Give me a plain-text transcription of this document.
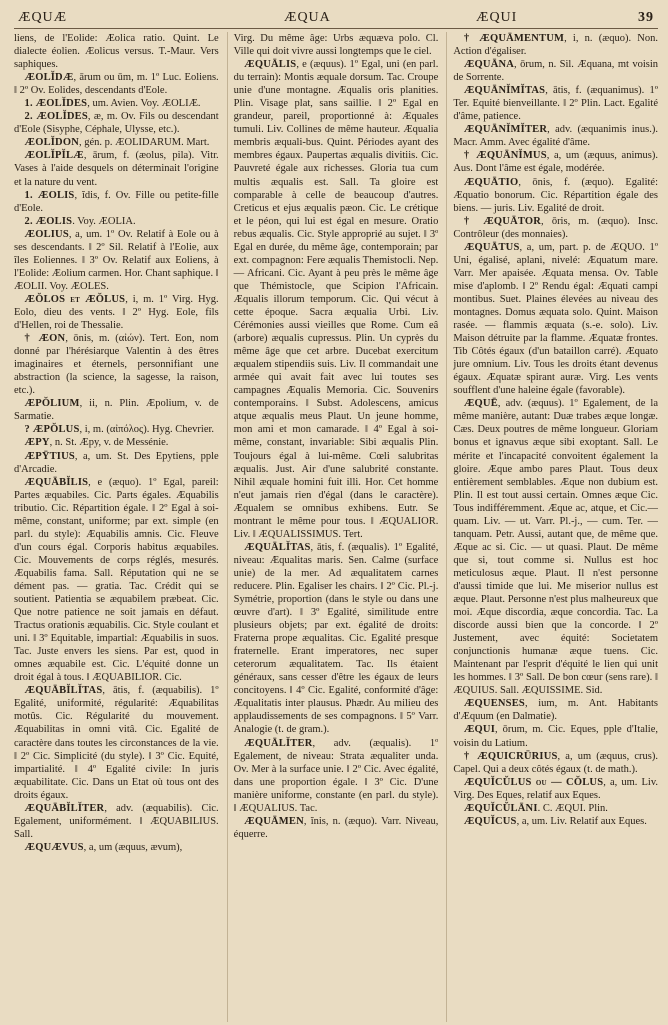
ÆQUÆ	ÆQUA	ÆQUI	39

liens, de l'Eolide: Æolica ratio. Quint. Le dialecte éolien. Æolicus versus. T.-Maur. Vers saphiques.

ÆOLĬDÆ, ārum ou ūm, m. 1º Luc. Eoliens. ‖ 2º Ov. Eolides, descendants d'Eole.

1. ÆOLĬDES, um. Avien. Voy. ÆOLIÆ.

2. ÆOLĬDES, æ, m. Ov. Fils ou descendant d'Eole (Sisyphe, Céphale, Ulysse, etc.).

ÆOLĬDON, gén. p. ÆOLIDARUM. Mart.

ÆOLĬPĬLÆ, ārum, f. (æolus, pila). Vitr. Vases à l'aide desquels on déterminait l'origine et la nature du vent.

1. ÆOLIS, ĭdis, f. Ov. Fille ou petite-fille d'Eole.

2. ÆOLIS. Voy. ÆOLIA.

ÆOLIUS, a, um. 1º Ov. Relatif à Eole ou à ses descendants. ‖ 2º Sil. Relatif à l'Eolie, aux îles Eoliennes. ‖ 3º Ov. Relatif aux Eoliens, à l'Eolide: Æolium carmen. Hor. Chant saphique. ‖ ÆOLII. Voy. ÆOLES.

ÆŎLOS et ÆŎLUS, i, m. 1º Virg. Hyg. Eolo, dieu des vents. ‖ 2º Hyg. Eole, fils d'Hellen, roi de Thessalie.

† ÆON, ōnis, m. (αἰών). Tert. Eon, nom donné par l'hérésiarque Valentin à des êtres imaginaires et éternels, personnifiant une abstraction (la science, la sagesse, la raison, etc.).

ÆPŎLIUM, ii, n. Plin. Æpolium, v. de Sarmatie.

? ÆPŎLUS, i, m. (αἰπόλος). Hyg. Chevrier.

ÆPY, n. St. Æpy, v. de Messénie.

ÆPȲTIUS, a, um. St. Des Epytiens, pple d'Arcadie.

ÆQUĀBĬLIS, e (æquo). 1º Egal, pareil: Partes æquabiles. Cic. Parts égales. Æquabilis tributio. Cic. Répartition égale. ‖ 2º Egal à soi-même, constant, uniforme; par ext. simple (en parl. du style): Æquabilis amnis. Cic. Fleuve d'un cours égal. Corporis habitus æquabiles. Cic. Mouvements de corps réglés, mesurés. Æquabilis fama. Sall. Réputation qui ne se dément pas. — gratia. Tac. Crédit qui se soutient. Patientia se æquabilem præbeat. Cic. Que notre patience ne soit jamais en défaut. Tractus orationis æquabilis. Cic. Style coulant et uni. ‖ 3º Equitable, impartial: Æquabilis in suos. Tac. Juste envers les siens. Par est, quod in omnes æquabile est. Cic. L'équité donne un droit égal à tous. ‖ ÆQUABILIOR. Cic.

ÆQUĀBĬLĬTAS, ātis, f. (æquabilis). 1º Egalité, uniformité, régularité: Æquabilitas motûs. Cic. Régularité du mouvement. Æquabilitas in omni vitâ. Cic. Egalité de caractère dans toutes les circonstances de la vie. ‖ 2º Cic. Simplicité (du style). ‖ 3º Cic. Equité, impartialité. ‖ 4º Egalité civile: In juris æquabilitate. Cic. Dans un Etat où tous ont des droits égaux.

ÆQUĀBĬLĬTER, adv. (æquabilis). Cic. Egalement, uniformément. ‖ ÆQUABILIUS. Sall.

ÆQUÆVUS, a, um (æquus, ævum),

Virg. Du même âge: Urbs æquæva polo. Cl. Ville qui doit vivre aussi longtemps que le ciel.

ÆQUĀLIS, e (æquus). 1º Egal, uni (en parl. du terrain): Montis æquale dorsum. Tac. Croupe unie d'une montagne. Æqualis oris planities. Plin. Visage plat, sans saillie. ‖ 2º Egal en grandeur, pareil, proportionné à: Æquales tumuli. Liv. Collines de même hauteur. Æqualia membris æquali-bus. Quint. Périodes ayant des membres égaux. Paupertas æqualis divitiis. Cic. Pauvreté égale aux richesses. Gloria tua cum multis æqualis est. Sall. Ta gloire est comparable à celle de beaucoup d'autres. Creticus et ejus æqualis pæon. Cic. Le crétique et le péon, qui lui est égal en mesure. Oratio rebus æqualis. Cic. Style approprié au sujet. ‖ 3º Egal en durée, du même âge, contemporain; par ext. compagnon: Fere æqualis Themistocli. Nep. — Africani. Cic. Ayant à peu près le même âge que Thémistocle, que Scipion l'Africain. Æqualis illorum temporum. Cic. Qui vécut à cette époque. Sacra æqualia Urbi. Liv. Cérémonies aussi vieilles que Rome. Cum eâ (arbore) æqualis cupressus. Plin. Un cyprès du même âge que cet arbre. Ducebat exercitum æqualem stipendiis suis. Liv. Il commandait une armée qui avait fait avec lui toutes ses campagnes Æqualis Memoria. Cic. Souvenirs contemporains. ‖ Subst. Adolescens, amicus atque æqualis meus Plaut. Un jeune homme, mon ami et mon camarade. ‖ 4º Egal à soi-même, constant, invariable: Sibi æqualis Plin. Toujours égal à lui-même. Cœli salubritas æqualis. Just. Air d'une salubrité constante. Nihil æquale homini fuit illi. Hor. Cet homme n'eut jamais rien d'égal (dans le caractère). Æqualem se omnibus exhibens. Eutr. Se montrant le même pour tous. ‖ ÆQUALIOR. Liv. ‖ ÆQUALISSIMUS. Tert.

ÆQUĀLĬTAS, ātis, f. (æqualis). 1º Egalité, niveau: Æqualitas maris. Sen. Calme (surface unie) de la mer. Ad æqualitatem carnes reducere. Plin. Egaliser les chairs. ‖ 2º Cic. Pl.-j. Symétrie, proportion (dans le style ou dans une œuvre d'art). ‖ 3º Egalité, similitude entre plusieurs objets; par ext. égalité de droits: Fraterna prope æqualitas. Cic. Egalité presque fraternelle. Erant imperatores, nec super ceterorum æqualitatem. Tac. Ils étaient généraux, sans cesser d'être les égaux de leurs concitoyens. ‖ 4º Cic. Egalité, conformité d'âge: Æqualitatis inter plausus. Phædr. Au milieu des applaudissements de ses compagnons. ‖ 5º Varr. Analogie (t. de gram.).

ÆQUĀLĬTER, adv. (æqualis). 1º Egalement, de niveau: Strata æqualiter unda. Ov. Mer à la surface unie. ‖ 2º Cic. Avec égalité, dans une proportion égale. ‖ 3º Cic. D'une manière uniforme, constante (en parl. du style). ‖ ÆQUALIUS. Tac.

ÆQUĀMEN, ĭnis, n. (æquo). Varr. Niveau, équerre.

† ÆQUĀMENTUM, i, n. (æquo). Non. Action d'égaliser.

ÆQUĀNA, ōrum, n. Sil. Æquana, mt voisin de Sorrente.

ÆQUĀNĬMĬTAS, ātis, f. (æquanimus). 1º Ter. Equité bienveillante. ‖ 2º Plin. Lact. Egalité d'âme, patience.

ÆQUĀNĬMĬTER, adv. (æquanimis inus.). Macr. Amm. Avec égalité d'âme.

† ÆQUĀNĬMUS, a, um (æquus, animus). Aus. Dont l'âme est égale, modérée.

ÆQUĀTIO, ōnis, f. (æquo). Egalité: Æquatio bonorum. Cic. Répartition égale des biens. — juris. Liv. Egalité de droit.

† ÆQUĀTOR, ōris, m. (æquo). Insc. Contrôleur (des monnaies).

ÆQUĀTUS, a, um, part. p. de ÆQUO. 1º Uni, égalisé, aplani, nivelé: Æquatum mare. Varr. Mer apaisée. Æquata mensa. Ov. Table mise d'aplomb. ‖ 2º Rendu égal: Æquati campi montibus. Suet. Plaines élevées au niveau des montagnes. Domus æquata solo. Quint. Maison rasée. — flammis æquata (s.-e. solo). Liv. Maison détruite par la flamme. Æquatæ frontes. Tib Côtés égaux (d'un bataillon carré). Æquato jure omnium. Liv. Tous les droits étant devenus égaux. Æquatæ spirant auræ. Virg. Les vents soufflent d'une haleine égale (favorable).

ÆQUĒ, adv. (æquus). 1º Egalement, de la même manière, autant: Duæ trabes æque longæ. Cæs. Deux poutres de même longueur. Gloriam bonus et ignavus æque sibi exoptant. Sall. Le mérite et l'incapacité convoitent également la gloire. Æque ambo pares Plaut. Tous deux entièrement semblables. Æque non dubium est. Plin. Il est tout aussi certain. Omnes æque Cic. Tous indifféremment. Æque ac, atque, et Cic.— quam. Liv. — ut. Varr. Pl.-j., — cum. Ter. — tanquam. Petr. Aussi, autant que, de même que. Æque ac si. Cic. — ut quasi. Plaut. De même que si, tout comme si. Nullus est hoc meticulosus æque. Plaut. Il n'est personne d'aussi timide que lui. Me miserior nullus est æque. Plaut. Personne n'est plus malheureux que moi. Æque discordia, æque concordia. Tac. La discorde aussi bien que la concorde. ‖ 2º Justement, avec équité: Societatem conjunctionis humanæ æque tuens. Cic. Maintenant par l'esprit d'équité le lien qui unit les hommes. ‖ 3º Sall. De bon cœur (sens rare). ‖ ÆQUIUS. Sall. ÆQUISSIME. Sid.

ÆQUENSES, ium, m. Ant. Habitants d'Æquum (en Dalmatie).

ÆQUI, ōrum, m. Cic. Eques, pple d'Italie, voisin du Latium.

† ÆQUICRŪRIUS, a, um (æquus, crus). Capel. Qui a deux côtés égaux (t. de math.).

ÆQUĬCŬLUS ou — CŎLUS, a, um. Liv. Virg. Des Eques, relatif aux Eques.

ÆQUĬCŬLĀNI. C. ÆQUI. Plin.

ÆQUĬCUS, a, um. Liv. Relatif aux Eques.
